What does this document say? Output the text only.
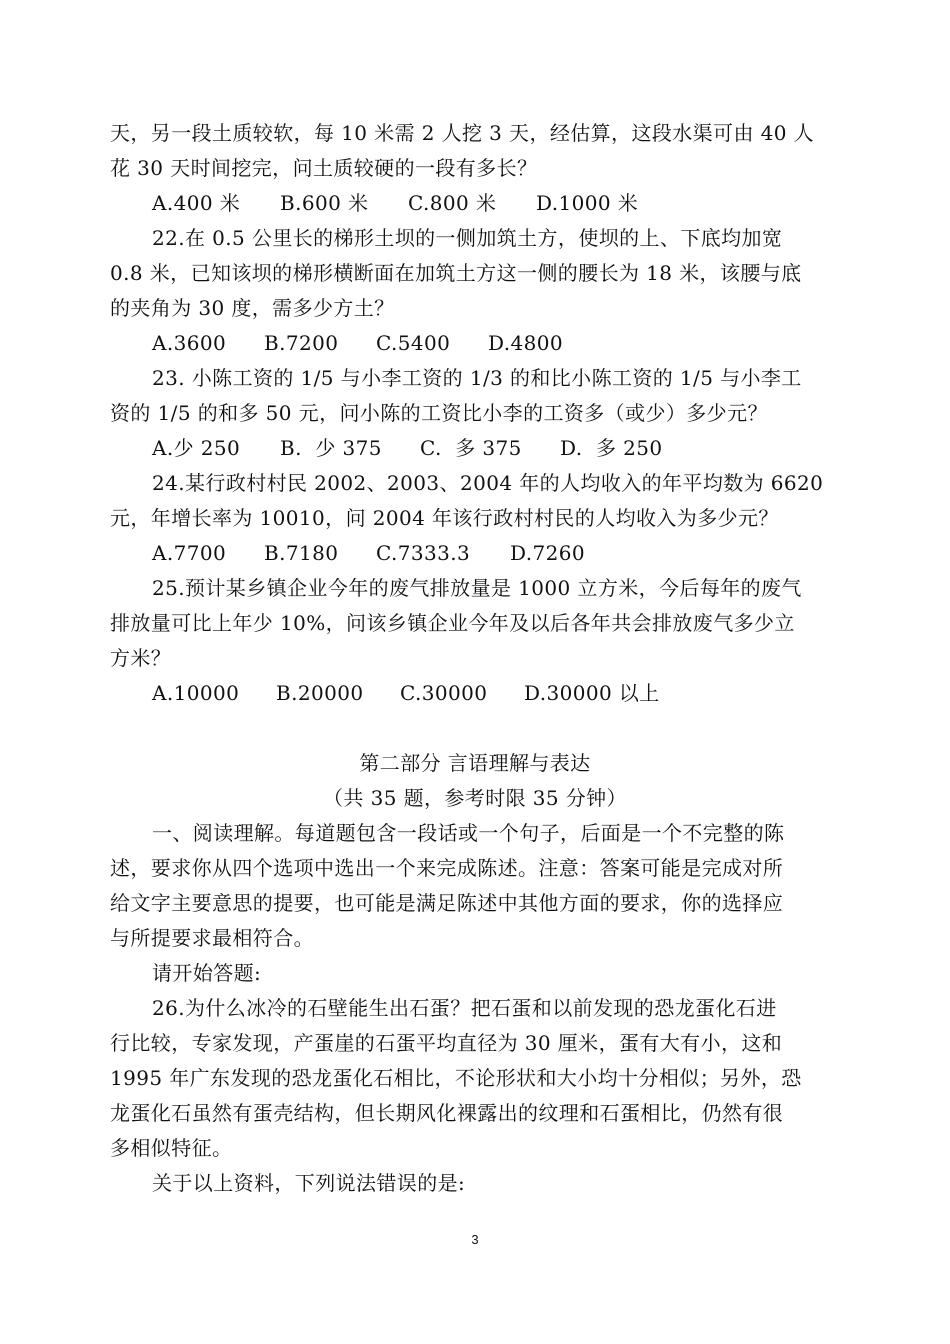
天，另一段土质较软，每 10 米需 2 人挖 3 天，经估算，这段水渠可由 40 人
花 30 天时间挖完，问土质较硬的一段有多长？
A.400 米 B.600 米 C.800 米 D.1000 米
22.在 0.5 公里长的梯形土坝的一侧加筑土方，使坝的上、下底均加宽
0.8 米，已知该坝的梯形横断面在加筑土方这一侧的腰长为 18 米，该腰与底
的夹角为 30 度，需多少方土？
A.3600 B.7200 C.5400 D.4800
23. 小陈工资的 1/5 与小李工资的 1/3 的和比小陈工资的 1/5 与小李工
资的 1/5 的和多 50 元，问小陈的工资比小李的工资多（或少）多少元？
A.少 250 B.  少 375 C.  多 375 D.  多 250
24.某行政村村民 2002、2003、2004 年的人均收入的年平均数为 6620
元，年增长率为 10010，问 2004 年该行政村村民的人均收入为多少元？
A.7700 B.7180 C.7333.3 D.7260
25.预计某乡镇企业今年的废气排放量是 1000 立方米，今后每年的废气
排放量可比上年少 10%，问该乡镇企业今年及以后各年共会排放废气多少立
方米？
A.10000 B.20000 C.30000 D.30000 以上
第二部分 言语理解与表达
（共 35 题，参考时限 35 分钟）
一、阅读理解。每道题包含一段话或一个句子，后面是一个不完整的陈
述，要求你从四个选项中选出一个来完成陈述。注意：答案可能是完成对所
给文字主要意思的提要，也可能是满足陈述中其他方面的要求，你的选择应
与所提要求最相符合。
请开始答题:
26.为什么冰冷的石壁能生出石蛋？把石蛋和以前发现的恐龙蛋化石进
行比较，专家发现，产蛋崖的石蛋平均直径为 30 厘米，蛋有大有小，这和
1995 年广东发现的恐龙蛋化石相比，不论形状和大小均十分相似；另外，恐
龙蛋化石虽然有蛋壳结构，但长期风化裸露出的纹理和石蛋相比，仍然有很
多相似特征。
关于以上资料，下列说法错误的是:
3
